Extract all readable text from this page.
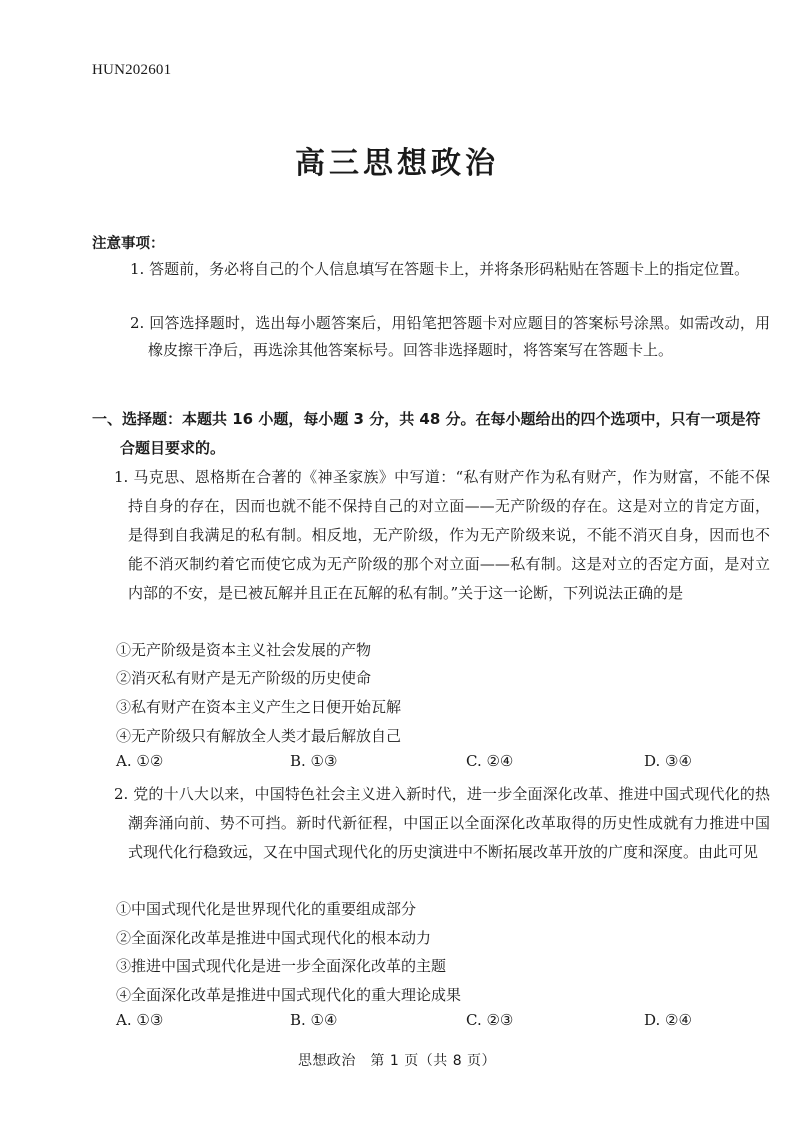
HUN202601
高三思想政治
注意事项：
1. 答题前，务必将自己的个人信息填写在答题卡上，并将条形码粘贴在答题卡上的指定位置。
2. 回答选择题时，选出每小题答案后，用铅笔把答题卡对应题目的答案标号涂黑。如需改动，用橡皮擦干净后，再选涂其他答案标号。回答非选择题时，将答案写在答题卡上。
一、选择题：本题共 16 小题，每小题 3 分，共 48 分。在每小题给出的四个选项中，只有一项是符合题目要求的。
1. 马克思、恩格斯在合著的《神圣家族》中写道：“私有财产作为私有财产，作为财富，不能不保持自身的存在，因而也就不能不保持自己的对立面——无产阶级的存在。这是对立的肯定方面，是得到自我满足的私有制。相反地，无产阶级，作为无产阶级来说，不能不消灭自身，因而也不能不消灭制约着它而使它成为无产阶级的那个对立面——私有制。这是对立的否定方面，是对立内部的不安，是已被瓦解并且正在瓦解的私有制。”关于这一论断，下列说法正确的是
①无产阶级是资本主义社会发展的产物
②消灭私有财产是无产阶级的历史使命
③私有财产在资本主义产生之日便开始瓦解
④无产阶级只有解放全人类才最后解放自己
A. ①②	B. ①③	C. ②④	D. ③④
2. 党的十八大以来，中国特色社会主义进入新时代，进一步全面深化改革、推进中国式现代化的热潮奔涌向前、势不可挡。新时代新征程，中国正以全面深化改革取得的历史性成就有力推进中国式现代化行稳致远，又在中国式现代化的历史演进中不断拓展改革开放的广度和深度。由此可见
①中国式现代化是世界现代化的重要组成部分
②全面深化改革是推进中国式现代化的根本动力
③推进中国式现代化是进一步全面深化改革的主题
④全面深化改革是推进中国式现代化的重大理论成果
A. ①③	B. ①④	C. ②③	D. ②④
思想政治　第 1 页（共 8 页）
